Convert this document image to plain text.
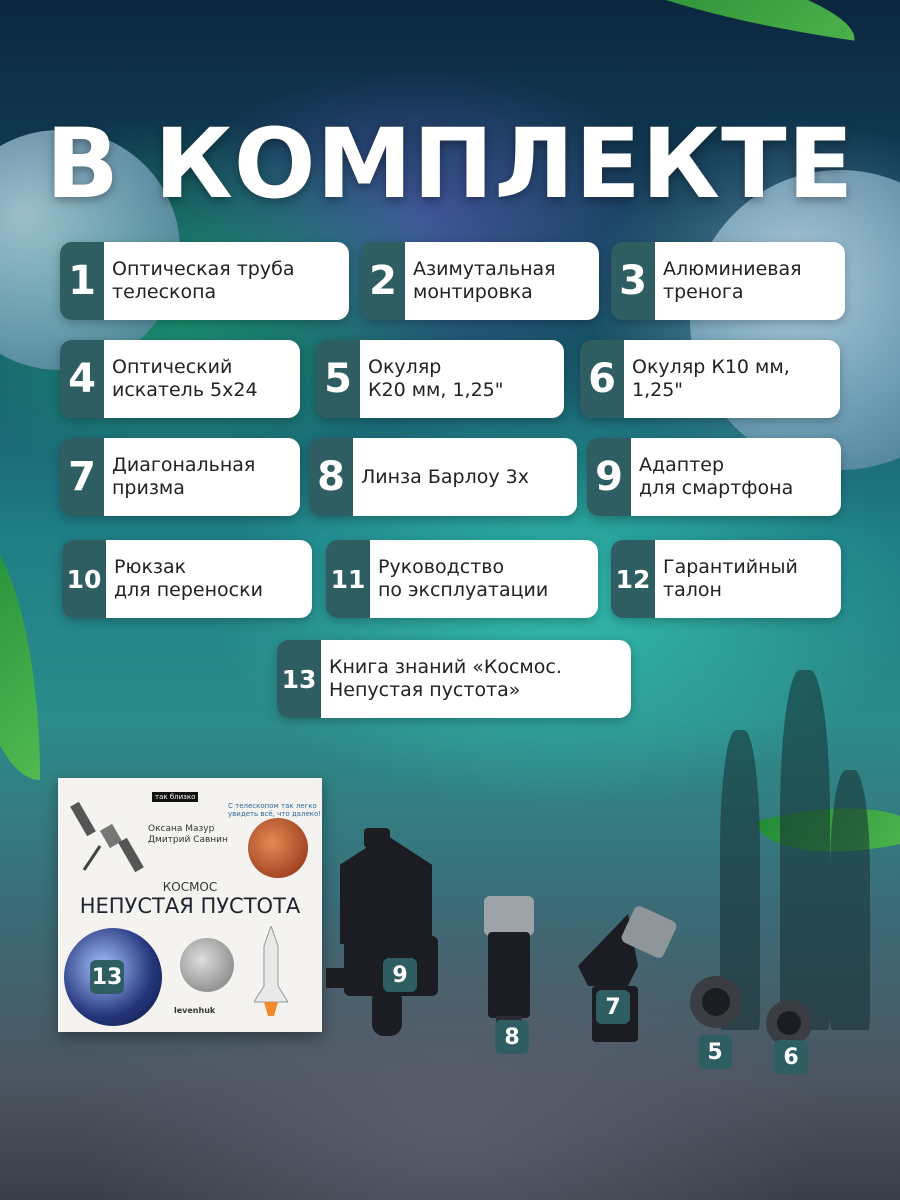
В КОМПЛЕКТЕ
1 Оптическая труба
телескопа	2 Азимутальная
монтировка	3 Алюминиевая
тренога
4 Оптический
искатель 5х24	5 Окуляр
К20 мм, 1,25"	6 Окуляр К10 мм,
1,25"
7 Диагональная
призма	8 Линза Барлоу 3х	9 Адаптер
для смартфона
10 Рюкзак
для переноски	11 Руководство
по эксплуатации	12 Гарантийный
талон
13 Книга знаний «Космос.
Непустая пустота»
так близко
С телескопом так легко
увидеть всё, что далеко!
Оксана Мазур
Дмитрий Савнин
КОСМОС
НЕПУСТАЯ ПУСТОТА
levenhuk
13	9
8
7
5	6
